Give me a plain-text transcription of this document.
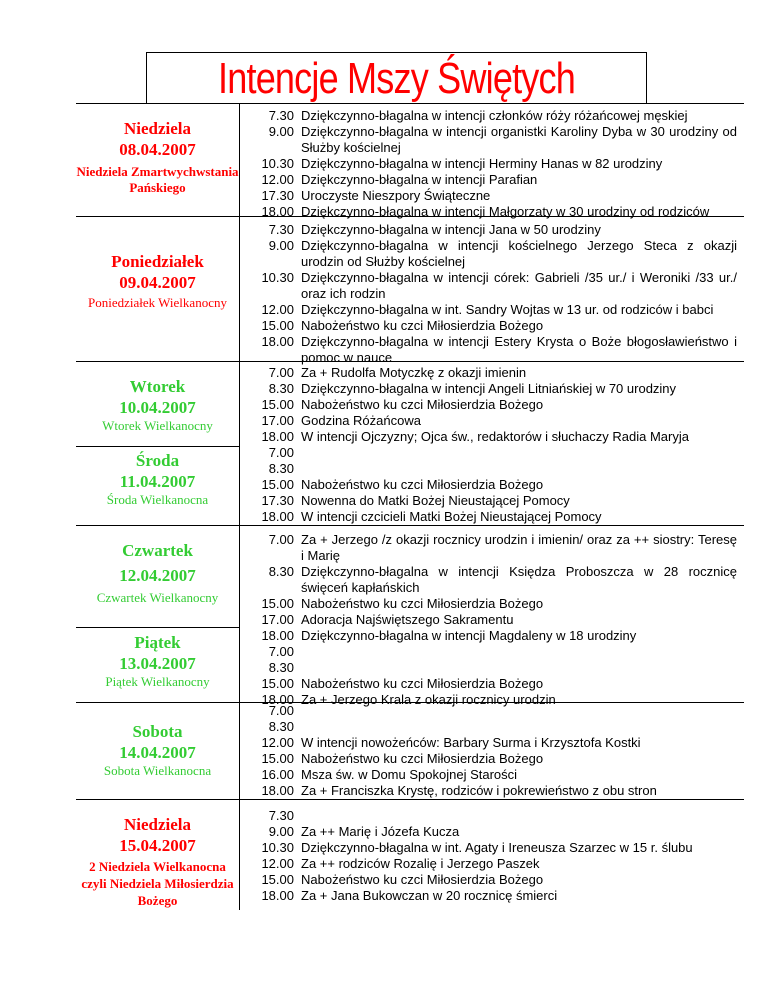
Intencje Mszy Świętych
Niedziela
08.04.2007
Niedziela Zmartwychwstania Pańskiego
7.30 Dziękczynno-błagalna w intencji członków róży różańcowej męskiej
9.00 Dziękczynno-błagalna w intencji organistki Karoliny Dyba w 30 urodziny od Służby kościelnej
10.30 Dziękczynno-błagalna w intencji Herminy Hanas w 82 urodziny
12.00 Dziękczynno-błagalna w intencji Parafian
17.30 Uroczyste Nieszpory Świąteczne
18.00 Dziękczynno-błagalna w intencji Małgorzaty w 30 urodziny od rodziców
Poniedziałek
09.04.2007
Poniedziałek Wielkanocny
7.30 Dziękczynno-błagalna w intencji Jana w 50 urodziny
9.00 Dziękczynno-błagalna w intencji kościelnego Jerzego Steca z okazji urodzin od Służby kościelnej
10.30 Dziękczynno-błagalna w intencji córek: Gabrieli /35 ur./ i Weroniki /33 ur./ oraz ich rodzin
12.00 Dziękczynno-błagalna w int. Sandry Wojtas w 13 ur. od rodziców i babci
15.00 Nabożeństwo ku czci Miłosierdzia Bożego
18.00 Dziękczynno-błagalna w intencji Estery Krysta o Boże błogosławieństwo i pomoc w nauce
Wtorek
10.04.2007
Wtorek Wielkanocny
Środa
11.04.2007
Środa Wielkanocna
7.00 Za + Rudolfa Motyczkę z okazji imienin
8.30 Dziękczynno-błagalna w intencji Angeli Litniańskiej w 70 urodziny
15.00 Nabożeństwo ku czci Miłosierdzia Bożego
17.00 Godzina Różańcowa
18.00 W intencji Ojczyzny; Ojca św., redaktorów i słuchaczy Radia Maryja
7.00
8.30
15.00 Nabożeństwo ku czci Miłosierdzia Bożego
17.30 Nowenna do Matki Bożej Nieustającej Pomocy
18.00 W intencji czcicieli Matki Bożej Nieustającej Pomocy
Czwartek
12.04.2007
Czwartek Wielkanocny
Piątek
13.04.2007
Piątek Wielkanocny
7.00 Za + Jerzego /z okazji rocznicy urodzin i imienin/ oraz za ++ siostry: Teresę i Marię
8.30 Dziękczynno-błagalna w intencji Księdza Proboszcza w 28 rocznicę święceń kapłańskich
15.00 Nabożeństwo ku czci Miłosierdzia Bożego
17.00 Adoracja Najświętszego Sakramentu
18.00 Dziękczynno-błagalna w intencji Magdaleny w 18 urodziny
7.00
8.30
15.00 Nabożeństwo ku czci Miłosierdzia Bożego
18.00 Za + Jerzego Krala z okazji rocznicy urodzin
Sobota
14.04.2007
Sobota Wielkanocna
7.00
8.30
12.00 W intencji nowożeńców: Barbary Surma i Krzysztofa Kostki
15.00 Nabożeństwo ku czci Miłosierdzia Bożego
16.00 Msza św. w Domu Spokojnej Starości
18.00 Za + Franciszka Krystę, rodziców i pokrewieństwo z obu stron
Niedziela
15.04.2007
2 Niedziela Wielkanocna czyli Niedziela Miłosierdzia Bożego
7.30
9.00 Za ++ Marię i Józefa Kucza
10.30 Dziękczynno-błagalna w int. Agaty i Ireneusza Szarzec w 15 r. ślubu
12.00 Za ++ rodziców Rozalię i Jerzego Paszek
15.00 Nabożeństwo ku czci Miłosierdzia Bożego
18.00 Za + Jana Bukowczan w 20 rocznicę śmierci
